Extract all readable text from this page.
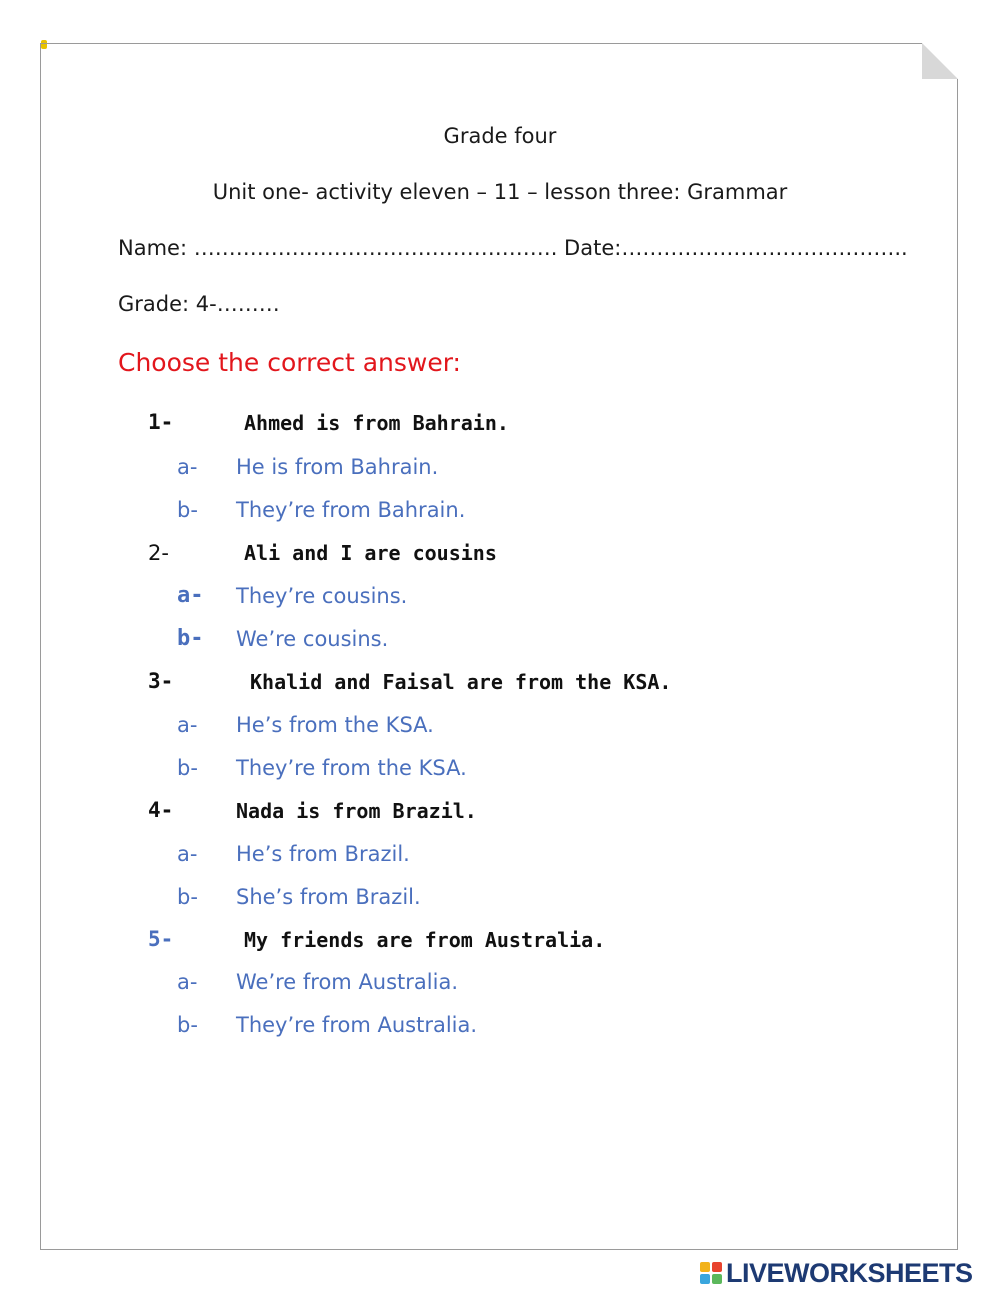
Grade four
Unit one- activity eleven – 11 – lesson three: Grammar
Name: ……………………………………………. Date:…………………………………..
Grade: 4-………
Choose the correct answer:
1-	Ahmed is from Bahrain.
a- He is from Bahrain.
b- They’re from Bahrain.
2-	Ali and I are cousins
a- They’re cousins.
b- We’re cousins.
3-	Khalid and Faisal are from the KSA.
a- He’s from the KSA.
b- They’re from the KSA.
4-	Nada is from Brazil.
a- He’s from Brazil.
b- She’s from Brazil.
5-	My friends are from Australia.
a- We’re from Australia.
b- They’re from Australia.
LIVEWORKSHEETS
